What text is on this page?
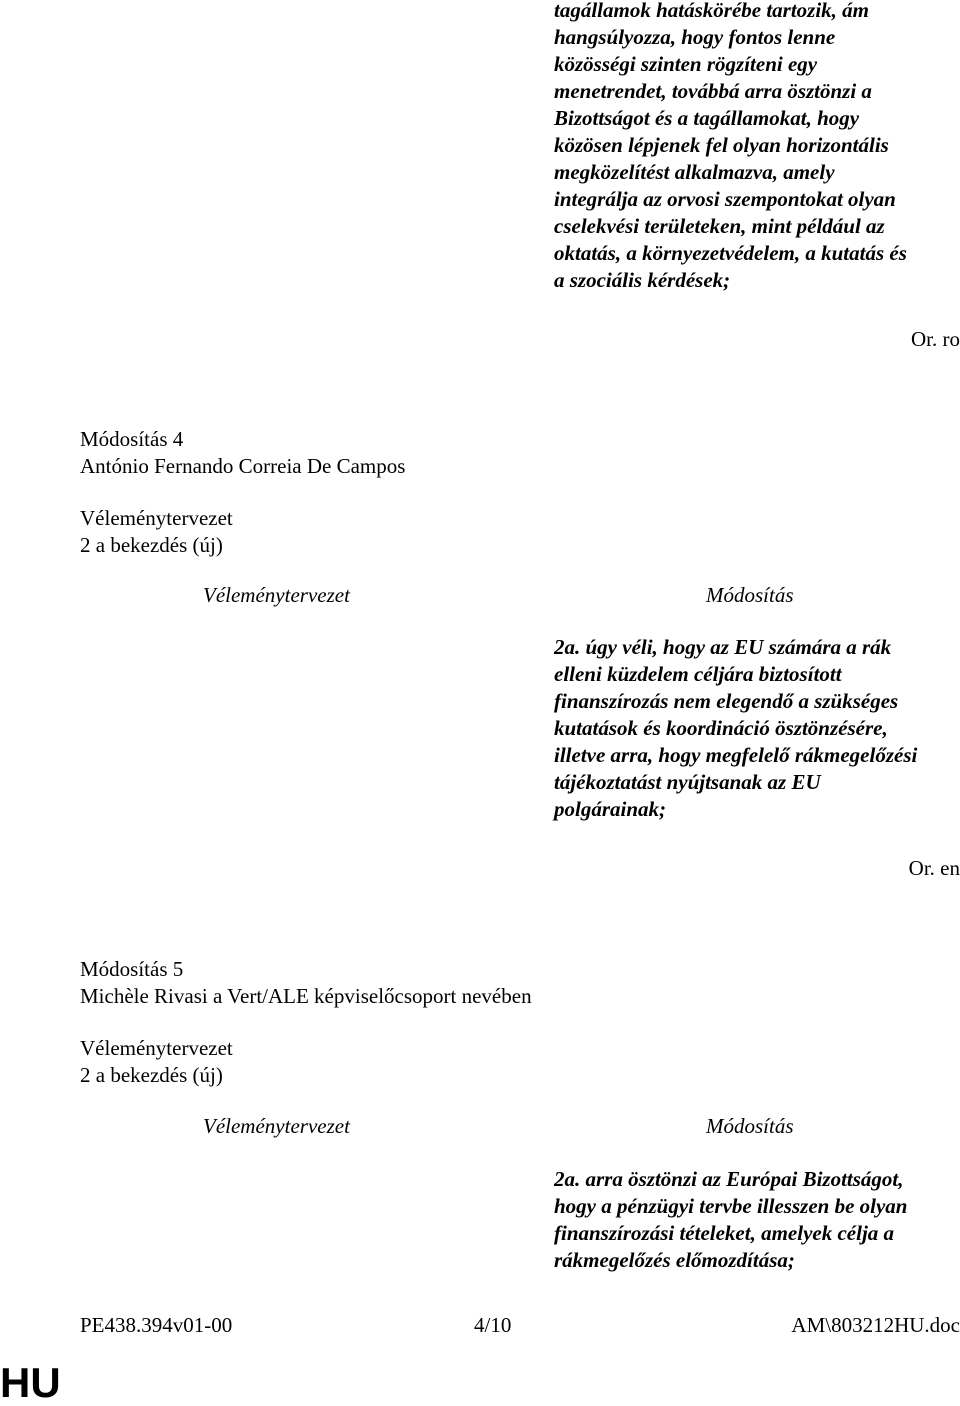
tagállamok hatáskörébe tartozik, ám
hangsúlyozza, hogy fontos lenne
közösségi szinten rögzíteni egy
menetrendet, továbbá arra ösztönzi a
Bizottságot és a tagállamokat, hogy
közösen lépjenek fel olyan horizontális
megközelítést alkalmazva, amely
integrálja az orvosi szempontokat olyan
cselekvési területeken, mint például az
oktatás, a környezetvédelem, a kutatás és
a szociális kérdések;
Or. ro
Módosítás 4
António Fernando Correia De Campos
Véleménytervezet
2 a bekezdés (új)
Véleménytervezet	Módosítás
2a. úgy véli, hogy az EU számára a rák
elleni küzdelem céljára biztosított
finanszírozás nem elegendő a szükséges
kutatások és koordináció ösztönzésére,
illetve arra, hogy megfelelő rákmegelőzési
tájékoztatást nyújtsanak az EU
polgárainak;
Or. en
Módosítás 5
Michèle Rivasi a Vert/ALE képviselőcsoport nevében
Véleménytervezet
2 a bekezdés (új)
Véleménytervezet	Módosítás
2a. arra ösztönzi az Európai Bizottságot,
hogy a pénzügyi tervbe illesszen be olyan
finanszírozási tételeket, amelyek célja a
rákmegelőzés előmozdítása;
PE438.394v01-00	4/10	AM\803212HU.doc
HU
